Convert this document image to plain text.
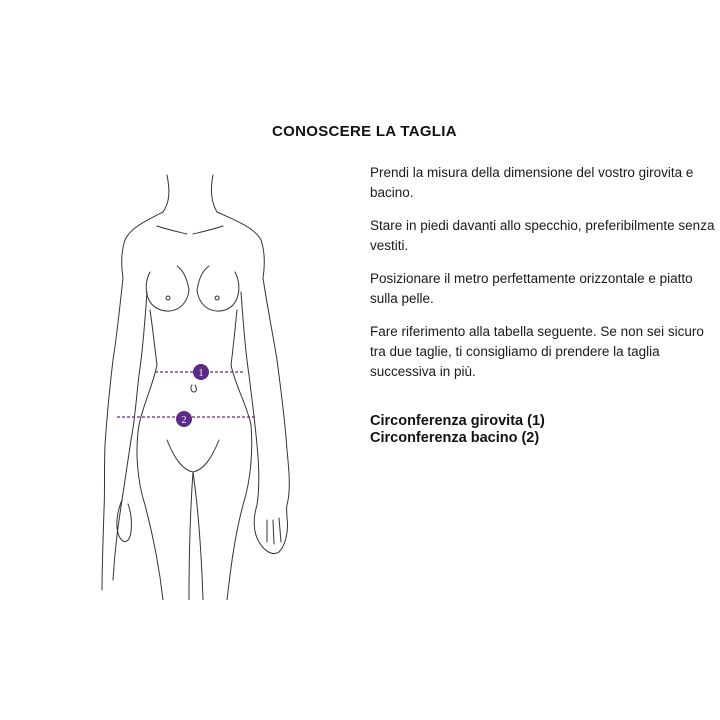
CONOSCERE LA TAGLIA
1
2

Prendi la misura della dimensione del vostro girovita e bacino.

Stare in piedi davanti allo specchio, preferibilmente senza vestiti.

Posizionare il metro perfettamente orizzontale e piatto sulla pelle.

Fare riferimento alla tabella seguente. Se non sei sicuro tra due taglie, ti consigliamo di prendere la taglia successiva in più.

Circonferenza girovita (1)
Circonferenza bacino (2)
